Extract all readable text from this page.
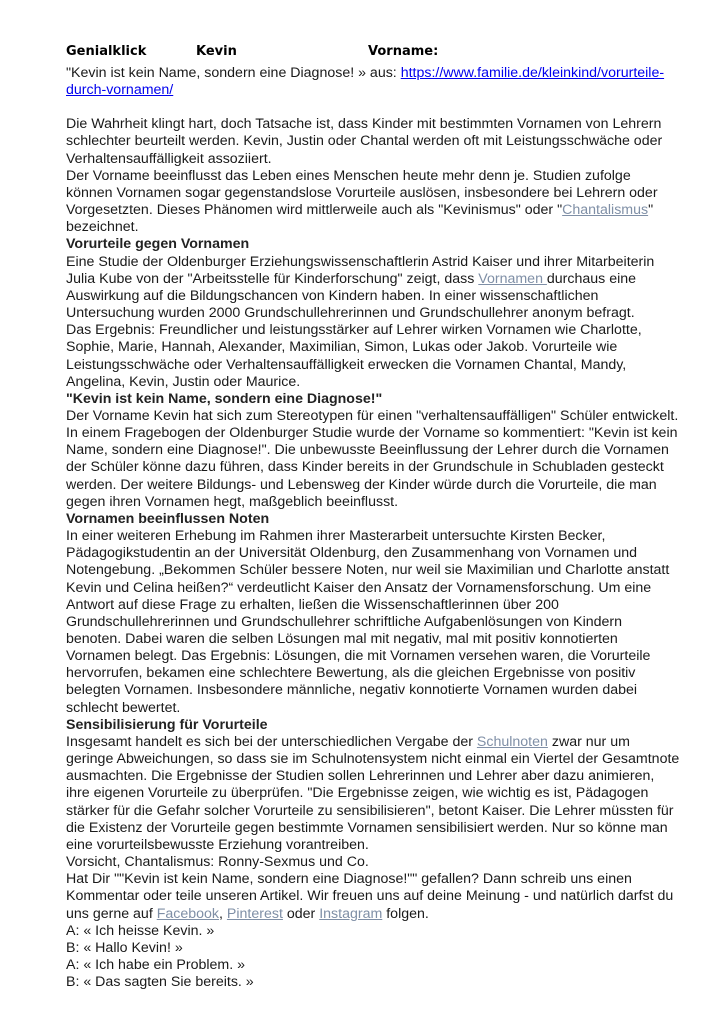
Genialklick	Kevin	Vorname:

"Kevin ist kein Name, sondern eine Diagnose! » aus: https://www.familie.de/kleinkind/vorurteile-durch-vornamen/

Die Wahrheit klingt hart, doch Tatsache ist, dass Kinder mit bestimmten Vornamen von Lehrern schlechter beurteilt werden. Kevin, Justin oder Chantal werden oft mit Leistungsschwäche oder Verhaltensauffälligkeit assoziiert.

Der Vorname beeinflusst das Leben eines Menschen heute mehr denn je. Studien zufolge können Vornamen sogar gegenstandslose Vorurteile auslösen, insbesondere bei Lehrern oder Vorgesetzten. Dieses Phänomen wird mittlerweile auch als "Kevinismus" oder "Chantalismus" bezeichnet.

Vorurteile gegen Vornamen

Eine Studie der Oldenburger Erziehungswissenschaftlerin Astrid Kaiser und ihrer Mitarbeiterin Julia Kube von der "Arbeitsstelle für Kinderforschung" zeigt, dass Vornamen durchaus eine Auswirkung auf die Bildungschancen von Kindern haben. In einer wissenschaftlichen Untersuchung wurden 2000 Grundschullehrerinnen und Grundschullehrer anonym befragt.

Das Ergebnis: Freundlicher und leistungsstärker auf Lehrer wirken Vornamen wie Charlotte, Sophie, Marie, Hannah, Alexander, Maximilian, Simon, Lukas oder Jakob. Vorurteile wie Leistungsschwäche oder Verhaltensauffälligkeit erwecken die Vornamen Chantal, Mandy, Angelina, Kevin, Justin oder Maurice.

"Kevin ist kein Name, sondern eine Diagnose!"

Der Vorname Kevin hat sich zum Stereotypen für einen "verhaltensauffälligen" Schüler entwickelt. In einem Fragebogen der Oldenburger Studie wurde der Vorname so kommentiert: "Kevin ist kein Name, sondern eine Diagnose!". Die unbewusste Beeinflussung der Lehrer durch die Vornamen der Schüler könne dazu führen, dass Kinder bereits in der Grundschule in Schubladen gesteckt werden. Der weitere Bildungs- und Lebensweg der Kinder würde durch die Vorurteile, die man gegen ihren Vornamen hegt, maßgeblich beeinflusst.

Vornamen beeinflussen Noten

In einer weiteren Erhebung im Rahmen ihrer Masterarbeit untersuchte Kirsten Becker, Pädagogikstudentin an der Universität Oldenburg, den Zusammenhang von Vornamen und Notengebung. „Bekommen Schüler bessere Noten, nur weil sie Maximilian und Charlotte anstatt Kevin und Celina heißen?“ verdeutlicht Kaiser den Ansatz der Vornamensforschung. Um eine Antwort auf diese Frage zu erhalten, ließen die Wissenschaftlerinnen über 200 Grundschullehrerinnen und Grundschullehrer schriftliche Aufgabenlösungen von Kindern benoten. Dabei waren die selben Lösungen mal mit negativ, mal mit positiv konnotierten Vornamen belegt. Das Ergebnis: Lösungen, die mit Vornamen versehen waren, die Vorurteile hervorrufen, bekamen eine schlechtere Bewertung, als die gleichen Ergebnisse von positiv belegten Vornamen. Insbesondere männliche, negativ konnotierte Vornamen wurden dabei schlecht bewertet.

Sensibilisierung für Vorurteile

Insgesamt handelt es sich bei der unterschiedlichen Vergabe der Schulnoten zwar nur um geringe Abweichungen, so dass sie im Schulnotensystem nicht einmal ein Viertel der Gesamtnote ausmachten. Die Ergebnisse der Studien sollen Lehrerinnen und Lehrer aber dazu animieren, ihre eigenen Vorurteile zu überprüfen. "Die Ergebnisse zeigen, wie wichtig es ist, Pädagogen stärker für die Gefahr solcher Vorurteile zu sensibilisieren", betont Kaiser. Die Lehrer müssten für die Existenz der Vorurteile gegen bestimmte Vornamen sensibilisiert werden. Nur so könne man eine vorurteilsbewusste Erziehung vorantreiben.

Vorsicht, Chantalismus: Ronny-Sexmus und Co.

Hat Dir ""Kevin ist kein Name, sondern eine Diagnose!"" gefallen? Dann schreib uns einen Kommentar oder teile unseren Artikel. Wir freuen uns auf deine Meinung - und natürlich darfst du uns gerne auf Facebook, Pinterest oder Instagram folgen.

A: « Ich heisse Kevin. »

B: « Hallo Kevin! »

A: « Ich habe ein Problem. »

B: « Das sagten Sie bereits. »
